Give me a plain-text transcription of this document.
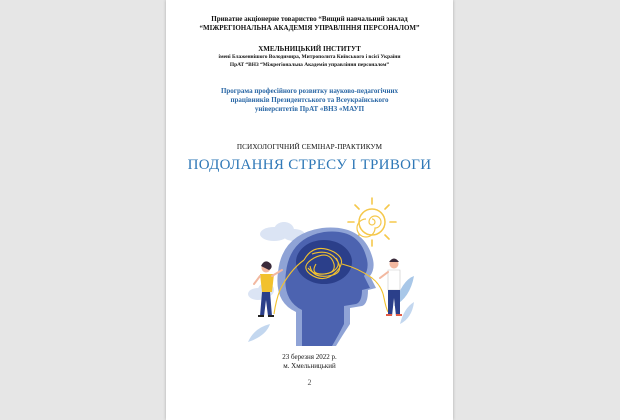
Приватне акціонерне товариство “Вищий навчальний заклад
“МІЖРЕГІОНАЛЬНА АКАДЕМІЯ УПРАВЛІННЯ ПЕРСОНАЛОМ”
ХМЕЛЬНИЦЬКИЙ ІНСТИТУТ
імені Блаженнішого Володимира, Митрополита Київського і всієї України
ПрАТ “ВНЗ “Міжрегіональна Академія управління персоналом”
Програма професійного розвитку науково-педагогічних
працівників Президентського та Всеукраїнського
університетів ПрАТ «ВНЗ «МАУП
ПСИХОЛОГІЧНИЙ СЕМІНАР-ПРАКТИКУМ
ПОДОЛАННЯ СТРЕСУ І ТРИВОГИ
23 березня 2022 р.
м. Хмельницький
2
